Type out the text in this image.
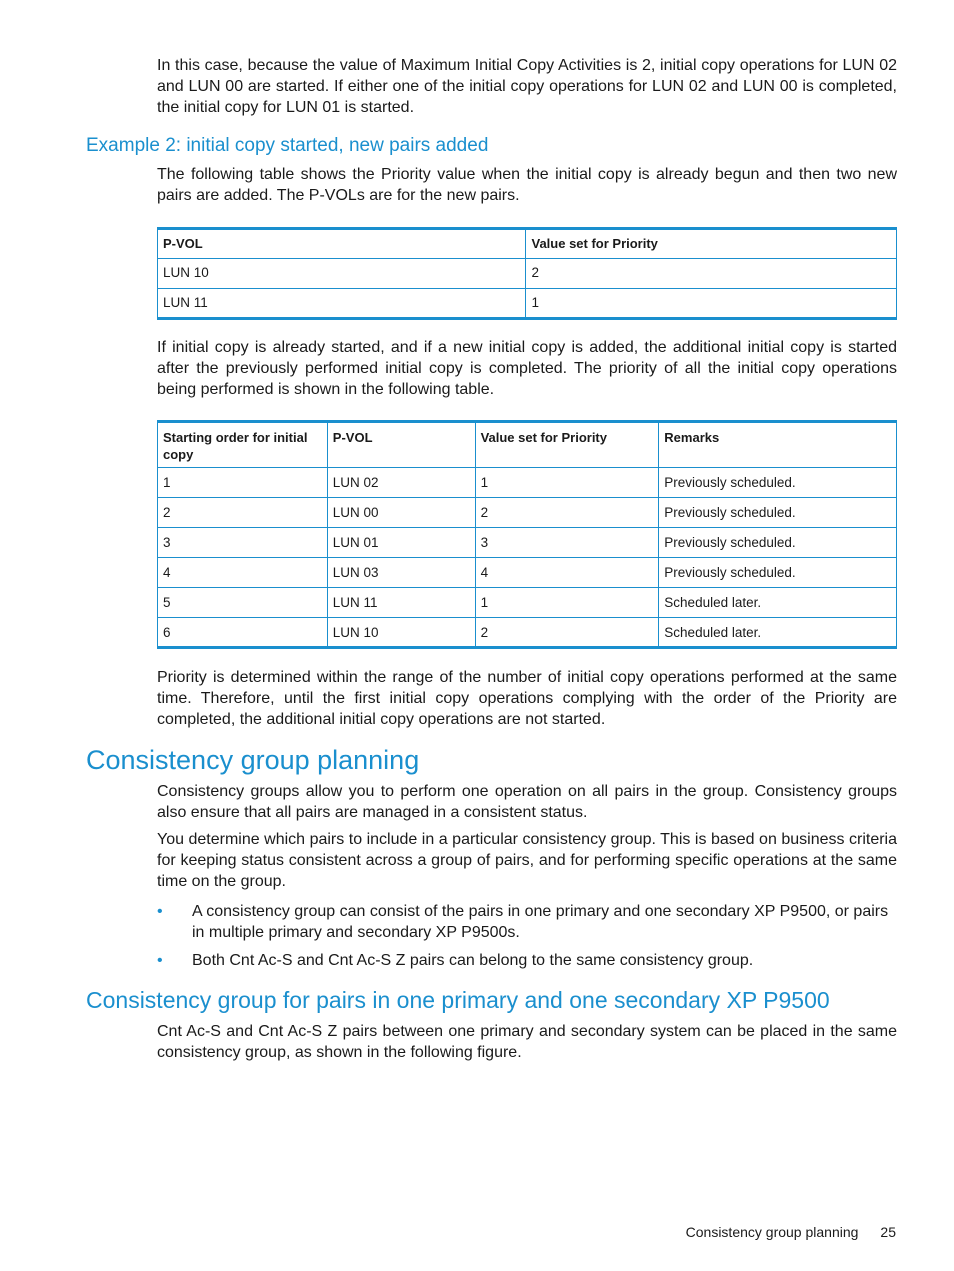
In this case, because the value of Maximum Initial Copy Activities is 2, initial copy operations for LUN 02 and LUN 00 are started. If either one of the initial copy operations for LUN 02 and LUN 00 is completed, the initial copy for LUN 01 is started.

Example 2: initial copy started, new pairs added

The following table shows the Priority value when the initial copy is already begun and then two new pairs are added. The P-VOLs are for the new pairs.

P-VOL	Value set for Priority
LUN 10	2
LUN 11	1

If initial copy is already started, and if a new initial copy is added, the additional initial copy is started after the previously performed initial copy is completed. The priority of all the initial copy operations being performed is shown in the following table.

Starting order for initial copy	P-VOL	Value set for Priority	Remarks
1	LUN 02	1	Previously scheduled.
2	LUN 00	2	Previously scheduled.
3	LUN 01	3	Previously scheduled.
4	LUN 03	4	Previously scheduled.
5	LUN 11	1	Scheduled later.
6	LUN 10	2	Scheduled later.

Priority is determined within the range of the number of initial copy operations performed at the same time. Therefore, until the first initial copy operations complying with the order of the Priority are completed, the additional initial copy operations are not started.

Consistency group planning

Consistency groups allow you to perform one operation on all pairs in the group. Consistency groups also ensure that all pairs are managed in a consistent status.

You determine which pairs to include in a particular consistency group. This is based on business criteria for keeping status consistent across a group of pairs, and for performing specific operations at the same time on the group.

• A consistency group can consist of the pairs in one primary and one secondary XP P9500, or pairs in multiple primary and secondary XP P9500s.
• Both Cnt Ac-S and Cnt Ac-S Z pairs can belong to the same consistency group.
Consistency group for pairs in one primary and one secondary XP P9500

Cnt Ac-S and Cnt Ac-S Z pairs between one primary and secondary system can be placed in the same consistency group, as shown in the following figure.

Consistency group planning 25
